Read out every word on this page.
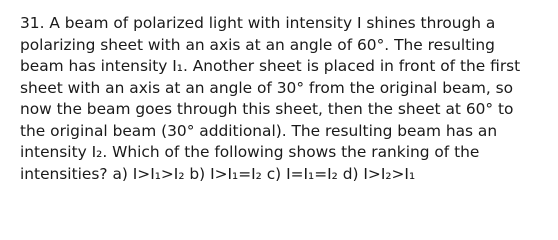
31. A beam of polarized light with intensity I shines through a
polarizing sheet with an axis at an angle of 60°. The resulting
beam has intensity I₁. Another sheet is placed in front of the first
sheet with an axis at an angle of 30° from the original beam, so
now the beam goes through this sheet, then the sheet at 60° to
the original beam (30° additional). The resulting beam has an
intensity I₂. Which of the following shows the ranking of the
intensities? a) I>I₁>I₂ b) I>I₁=I₂ c) I=I₁=I₂ d) I>I₂>I₁
